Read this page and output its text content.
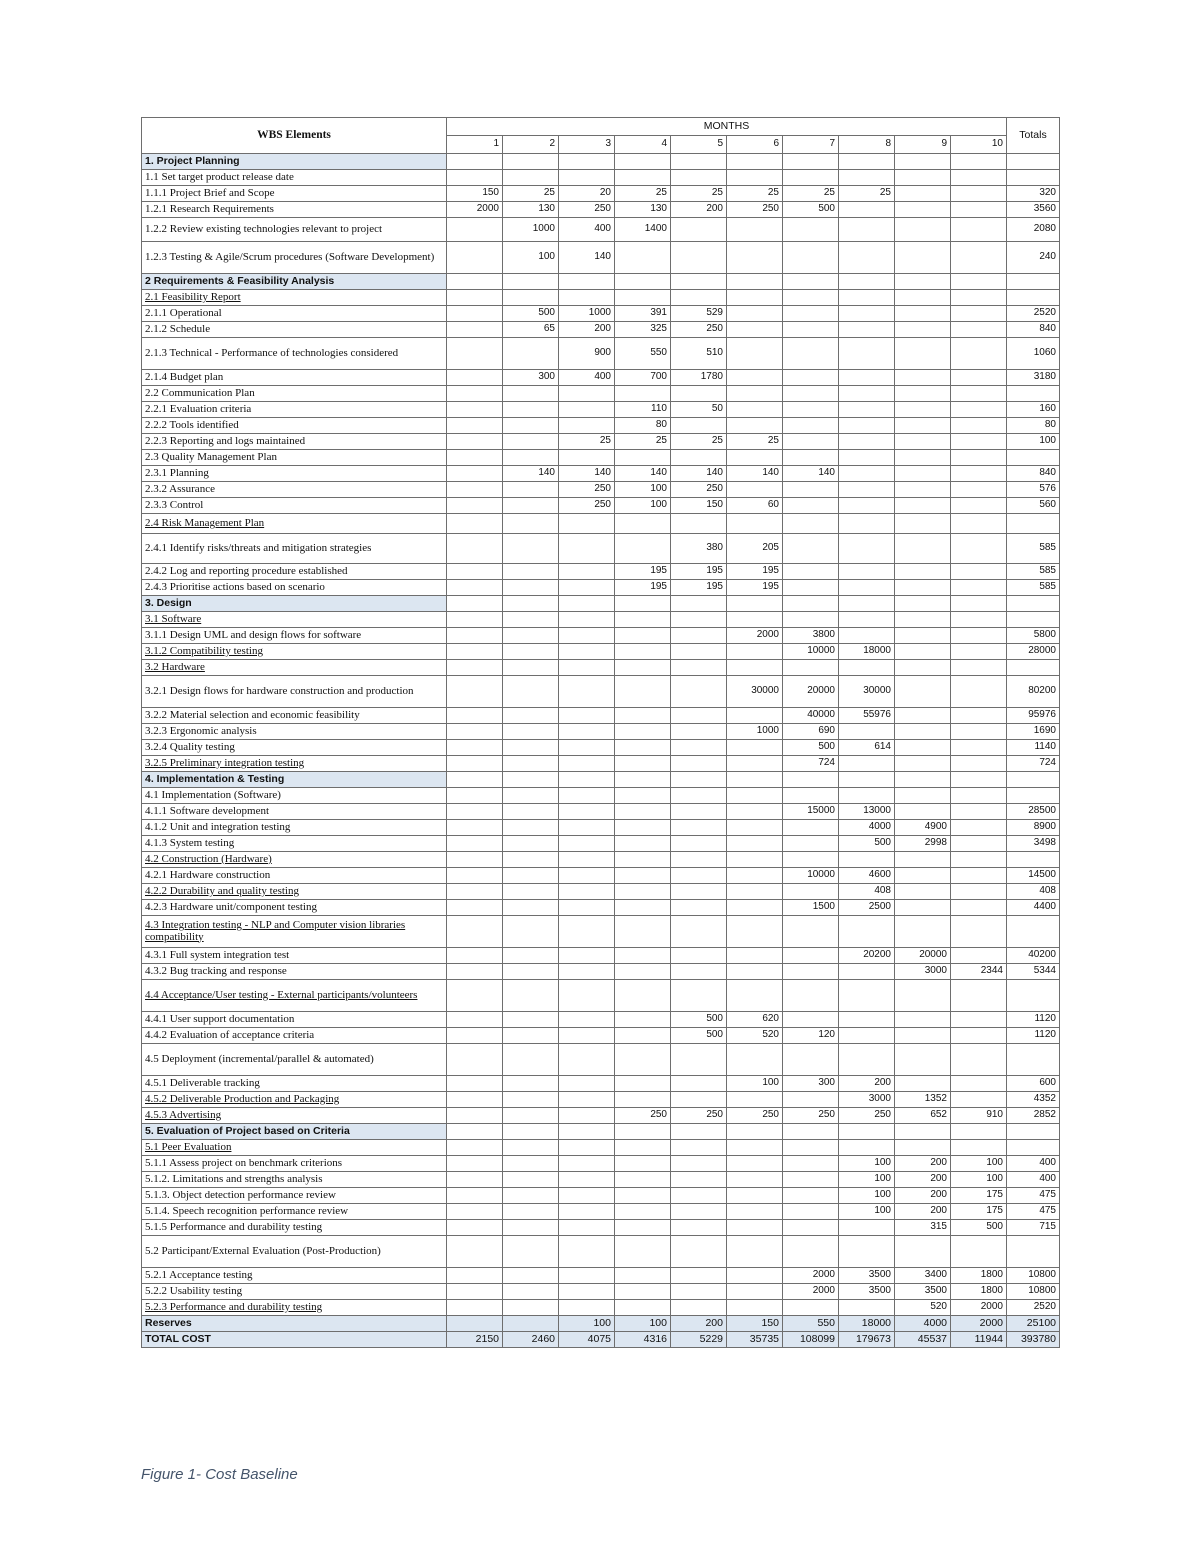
WBS Elements	MONTHS										Totals
	1	2	3	4	5	6	7	8	9	10	
1. Project Planning											
1.1 Set target product release date											
1.1.1 Project Brief and Scope	150	25	20	25	25	25	25	25			320
1.2.1 Research Requirements	2000	130	250	130	200	250	500				3560
1.2.2 Review existing technologies relevant to project		1000	400	1400							2080
1.2.3 Testing & Agile/Scrum procedures (Software Development)		100	140								240
2 Requirements & Feasibility Analysis											
2.1 Feasibility Report											
2.1.1 Operational		500	1000	391	529						2520
2.1.2 Schedule		65	200	325	250						840
2.1.3 Technical - Performance of technologies considered			900	550	510						1060
2.1.4 Budget plan		300	400	700	1780						3180
2.2 Communication Plan											
2.2.1 Evaluation criteria				110	50						160
2.2.2 Tools identified				80							80
2.2.3 Reporting and logs maintained			25	25	25	25					100
2.3 Quality Management Plan											
2.3.1 Planning		140	140	140	140	140	140				840
2.3.2 Assurance			250	100	250						576
2.3.3 Control			250	100	150	60					560
2.4 Risk Management Plan											
2.4.1 Identify risks/threats and mitigation strategies					380	205					585
2.4.2 Log and reporting procedure established				195	195	195					585
2.4.3 Prioritise actions based on scenario				195	195	195					585
3. Design											
3.1 Software											
3.1.1 Design UML and design flows for software						2000	3800				5800
3.1.2 Compatibility testing							10000	18000			28000
3.2 Hardware											
3.2.1 Design flows for hardware construction and production						30000	20000	30000			80200
3.2.2 Material selection and economic feasibility							40000	55976			95976
3.2.3 Ergonomic analysis						1000	690				1690
3.2.4 Quality testing							500	614			1140
3.2.5 Preliminary integration testing							724				724
4. Implementation & Testing											
4.1 Implementation (Software)											
4.1.1 Software development							15000	13000			28500
4.1.2 Unit and integration testing								4000	4900		8900
4.1.3 System testing								500	2998		3498
4.2 Construction (Hardware)											
4.2.1 Hardware construction							10000	4600			14500
4.2.2 Durability and quality testing								408			408
4.2.3 Hardware unit/component testing							1500	2500			4400
4.3 Integration testing - NLP and Computer vision libraries compatibility											
4.3.1 Full system integration test								20200	20000		40200
4.3.2 Bug tracking and response									3000	2344	5344
4.4 Acceptance/User testing - External participants/volunteers											
4.4.1 User support documentation					500	620					1120
4.4.2 Evaluation of acceptance criteria					500	520	120				1120
4.5 Deployment (incremental/parallel & automated)											
4.5.1 Deliverable tracking						100	300	200			600
4.5.2 Deliverable Production and Packaging								3000	1352		4352
4.5.3 Advertising				250	250	250	250	250	652	910	2852
5. Evaluation of Project based on Criteria											
5.1 Peer Evaluation											
5.1.1 Assess project on benchmark criterions								100	200	100	400
5.1.2. Limitations and strengths analysis								100	200	100	400
5.1.3. Object detection performance review								100	200	175	475
5.1.4. Speech recognition performance review								100	200	175	475
5.1.5 Performance and durability testing									315	500	715
5.2 Participant/External Evaluation (Post-Production)											
5.2.1 Acceptance testing							2000	3500	3400	1800	10800
5.2.2 Usability testing							2000	3500	3500	1800	10800
5.2.3 Performance and durability testing									520	2000	2520
Reserves			100	100	200	150	550	18000	4000	2000	25100
TOTAL COST	2150	2460	4075	4316	5229	35735	108099	179673	45537	11944	393780
Figure 1- Cost Baseline
